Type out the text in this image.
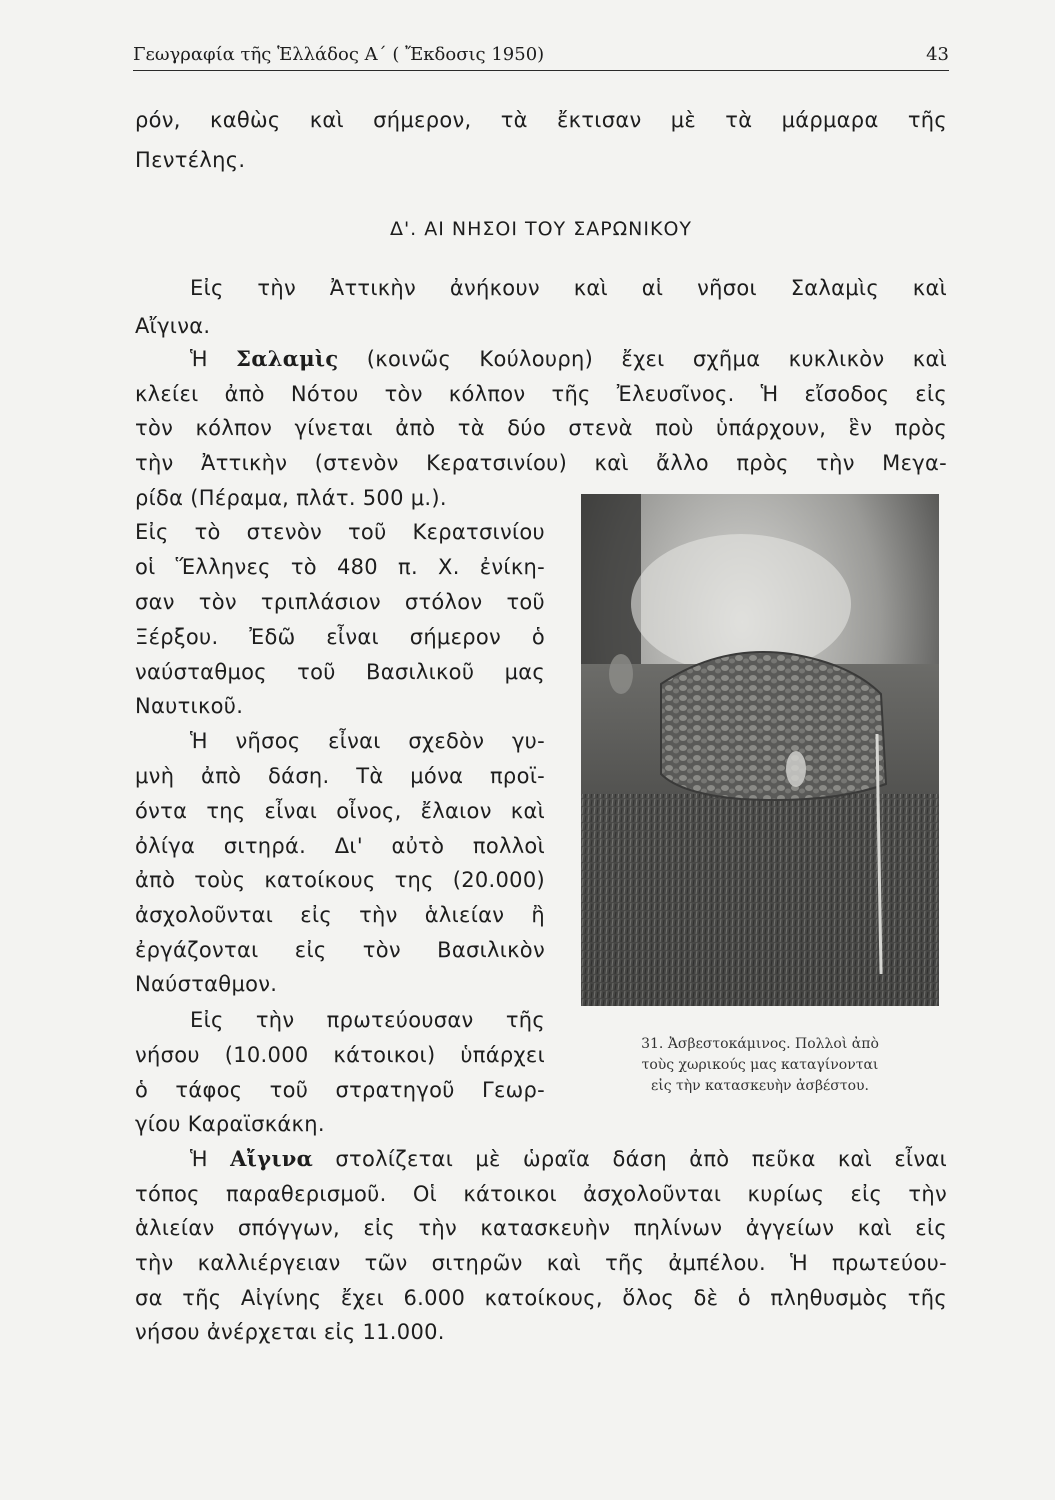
Γεωγραφία τῆς Ἑλλάδος Α΄ ( Ἔκδοσις 1950)	43
ρόν, καθὼς καὶ σήμερον, τὰ ἔκτισαν μὲ τὰ μάρμαρα τῆς
Πεντέλης.
Δ'. ΑΙ ΝΗΣΟΙ ΤΟΥ ΣΑΡΩΝΙΚΟΥ
Εἰς τὴν Ἀττικὴν ἀνήκουν καὶ αἱ νῆσοι Σαλαμὶς καὶ
Αἴγινα.
Ἡ Σαλαμὶς (κοινῶς Κούλουρη) ἔχει σχῆμα κυκλικὸν καὶ
κλείει ἀπὸ Νότου τὸν κόλπον τῆς Ἐλευσῖνος. Ἡ εἴσοδος εἰς
τὸν κόλπον γίνεται ἀπὸ τὰ δύο στενὰ ποὺ ὑπάρχουν, ἓν πρὸς
τὴν Ἀττικὴν (στενὸν Κερατσινίου) καὶ ἄλλο πρὸς τὴν Μεγα-
ρίδα (Πέραμα, πλάτ. 500 μ.).
Εἰς τὸ στενὸν τοῦ Κερατσινίου
οἱ Ἕλληνες τὸ 480 π. Χ. ἐνίκη-
σαν τὸν τριπλάσιον στόλον τοῦ
Ξέρξου. Ἐδῶ εἶναι σήμερον ὁ
ναύσταθμος τοῦ Βασιλικοῦ μας
Ναυτικοῦ.
Ἡ νῆσος εἶναι σχεδὸν γυ-
μνὴ ἀπὸ δάση. Τὰ μόνα προϊ-
όντα της εἶναι οἶνος, ἔλαιον καὶ
ὀλίγα σιτηρά. Δι' αὐτὸ πολλοὶ
ἀπὸ τοὺς κατοίκους της (20.000)
ἀσχολοῦνται εἰς τὴν ἁλιείαν ἢ
ἐργάζονται εἰς τὸν Βασιλικὸν
Ναύσταθμον.
Εἰς τὴν πρωτεύουσαν τῆς
νήσου (10.000 κάτοικοι) ὑπάρχει
ὁ τάφος τοῦ στρατηγοῦ Γεωρ-
γίου Καραϊσκάκη.
31. Ἀσβεστοκάμινος. Πολλοὶ ἀπὸ
τοὺς χωρικούς μας καταγίνονται
εἰς τὴν κατασκευὴν ἀσβέστου.
Ἡ Αἴγινα στολίζεται μὲ ὡραῖα δάση ἀπὸ πεῦκα καὶ εἶναι
τόπος παραθερισμοῦ. Οἱ κάτοικοι ἀσχολοῦνται κυρίως εἰς τὴν
ἁλιείαν σπόγγων, εἰς τὴν κατασκευὴν πηλίνων ἀγγείων καὶ εἰς
τὴν καλλιέργειαν τῶν σιτηρῶν καὶ τῆς ἀμπέλου. Ἡ πρωτεύου-
σα τῆς Αἰγίνης ἔχει 6.000 κατοίκους, ὅλος δὲ ὁ πληθυσμὸς τῆς
νήσου ἀνέρχεται εἰς 11.000.
